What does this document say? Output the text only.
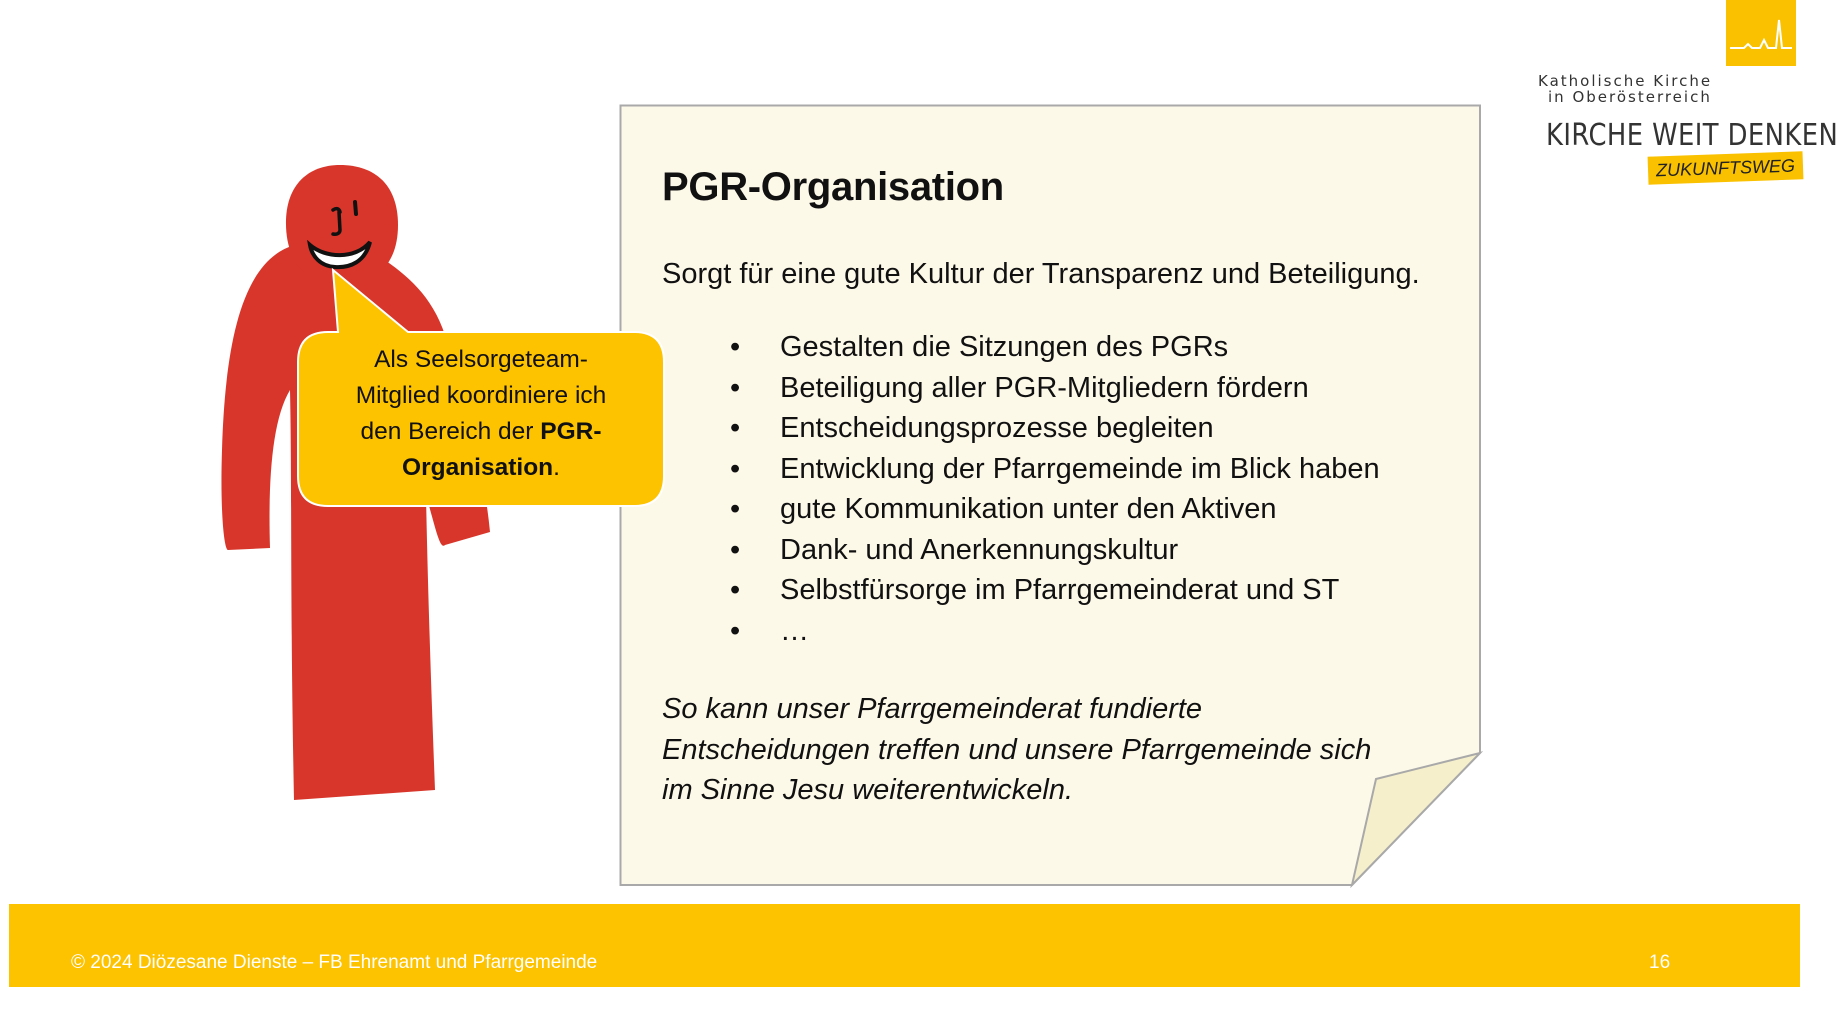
PGR-Organisation

Sorgt für eine gute Kultur der Transparenz und Beteiligung.

• Gestalten die Sitzungen des PGRs
• Beteiligung aller PGR-Mitgliedern fördern
• Entscheidungsprozesse begleiten
• Entwicklung der Pfarrgemeinde im Blick haben
• gute Kommunikation unter den Aktiven
• Dank- und Anerkennungskultur
• Selbstfürsorge im Pfarrgemeinderat und ST
• …

So kann unser Pfarrgemeinderat fundierte Entscheidungen treffen und unsere Pfarrgemeinde sich im Sinne Jesu weiterentwickeln.

Als Seelsorgeteam-
Mitglied koordiniere ich
den Bereich der PGR-
Organisation.
Katholische Kirche
in Oberösterreich
KIRCHE WEIT DENKEN
ZUKUNFTSWEG
© 2024 Diözesane Dienste – FB Ehrenamt und Pfarrgemeinde	16
